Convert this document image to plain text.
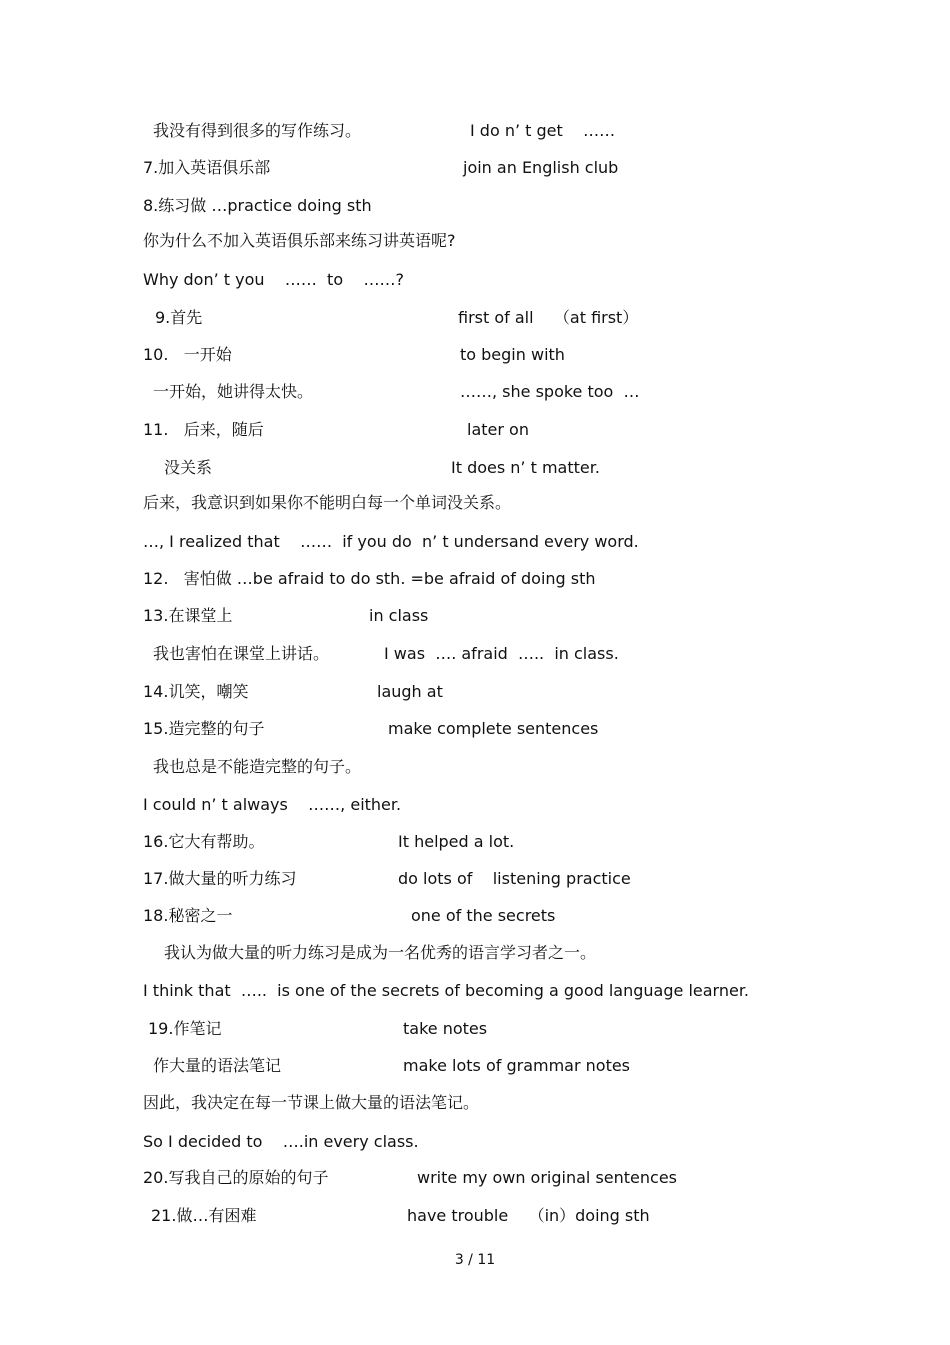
我没有得到很多的写作练习。	I do n’ t get    ……
7.加入英语俱乐部	join an English club
8.练习做 …practice doing sth
你为什么不加入英语俱乐部来练习讲英语呢?
Why don’ t you    ……  to    ……?
9.首先	first of all    （at first）
10.   一开始	to begin with
一开始，她讲得太快。	……, she spoke too  …
11.   后来，随后	later on
没关系	It does n’ t matter.
后来，我意识到如果你不能明白每一个单词没关系。
…, I realized that    ……  if you do  n’ t undersand every word.
12.   害怕做 …be afraid to do sth. =be afraid of doing sth
13.在课堂上	in class
我也害怕在课堂上讲话。	I was  …. afraid  …..  in class.
14.讥笑，嘲笑	laugh at
15.造完整的句子	make complete sentences
我也总是不能造完整的句子。
I could n’ t always    ……, either.
16.它大有帮助。	It helped a lot.
17.做大量的听力练习	do lots of    listening practice
18.秘密之一	one of the secrets
我认为做大量的听力练习是成为一名优秀的语言学习者之一。
I think that  …..  is one of the secrets of becoming a good language learner.
19.作笔记	take notes
作大量的语法笔记	make lots of grammar notes
因此，我决定在每一节课上做大量的语法笔记。
So I decided to    ….in every class.
20.写我自己的原始的句子	write my own original sentences
21.做…有困难	have trouble    （in）doing sth
3 / 11
